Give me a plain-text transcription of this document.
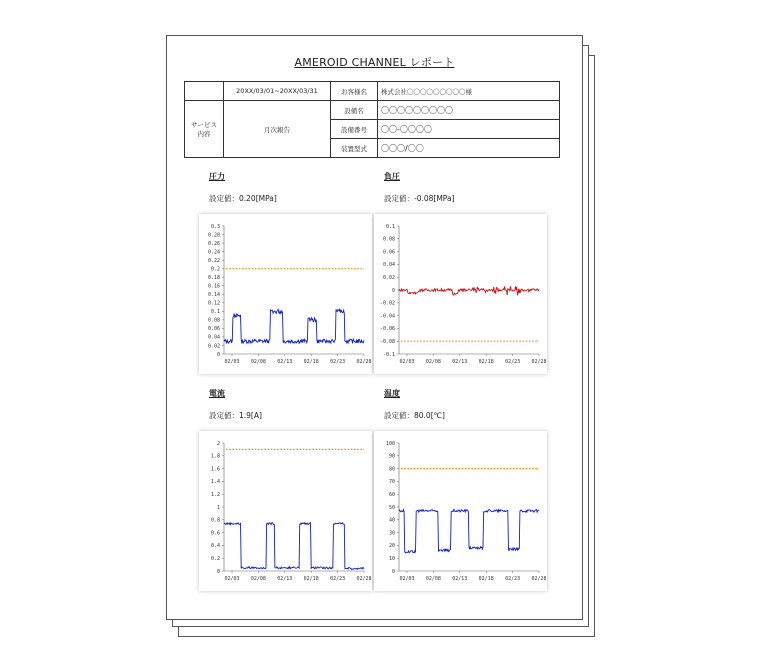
AMEROID CHANNEL レポート
	20XX/03/01~20XX/03/31	お客様名	株式会社〇〇〇〇〇〇〇〇〇様

サービス
内容	月次報告	設備名	〇〇〇〇〇〇〇〇〇
		設備番号	〇〇-〇〇〇〇
		装置型式	〇〇〇/〇〇
圧力
設定値：0.20[MPa]
0.3
0.28
0.26
0.24
0.22
0.2
0.18
0.16
0.14
0.12
0.1
0.08
0.06
0.04
0.02
0
02/03 02/08 02/13 02/18 02/23 02/28
負圧
設定値：-0.08[MPa]
0.1
0.08
0.06
0.04
0.02
0
-0.02
-0.04
-0.06
-0.08
-0.1
02/03 02/08 02/13 02/18 02/23 02/28
電流
設定値：1.9[A]
2
1.8
1.6
1.4
1.2
1
0.8
0.6
0.4
0.2
0
02/03 02/08 02/13 02/18 02/23 02/28
温度
設定値：80.0[℃]
100
90
80
70
60
50
40
30
20
10
0
02/03 02/08 02/13 02/18 02/23 02/28
